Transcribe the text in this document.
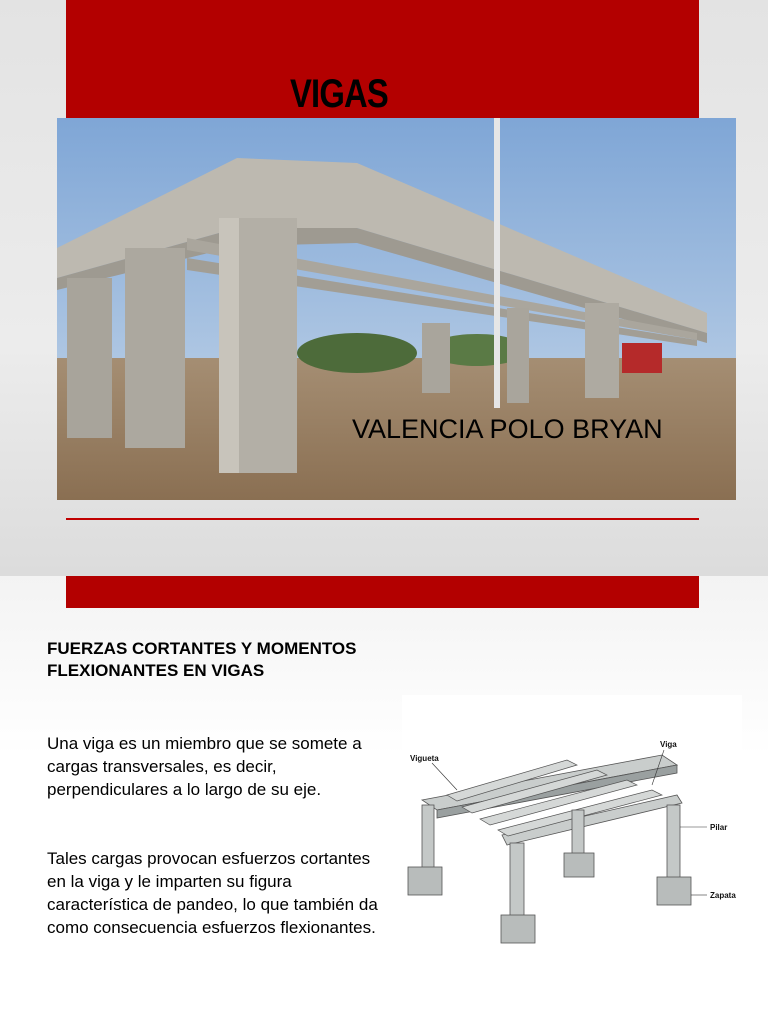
VIGAS
VALENCIA POLO BRYAN
FUERZAS CORTANTES Y MOMENTOS FLEXIONANTES EN VIGAS
Una viga es un miembro que se somete a cargas transversales, es decir, perpendiculares a lo largo de su eje.
Tales cargas provocan esfuerzos cortantes en la viga y le imparten su figura característica de pandeo, lo que también da como consecuencia esfuerzos flexionantes.
Vigueta
Viga
Pilar
Zapata
